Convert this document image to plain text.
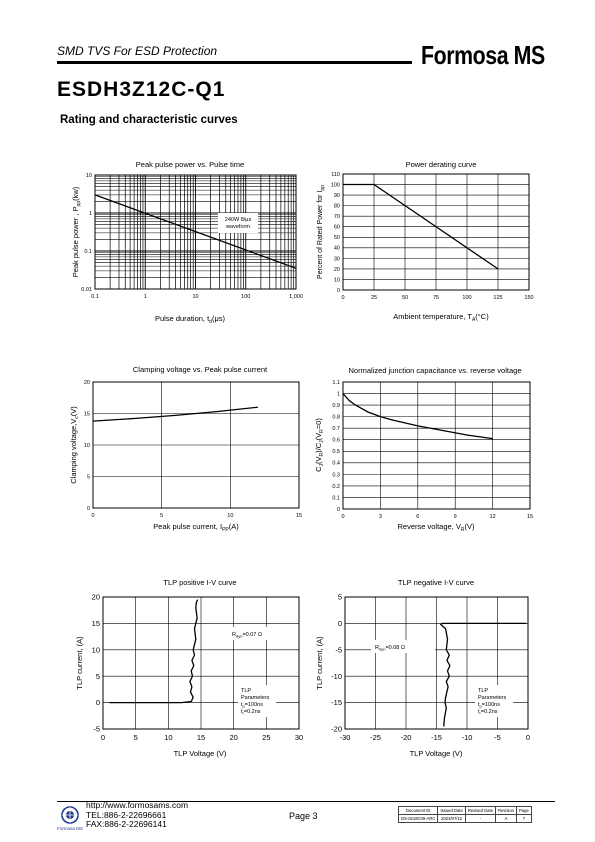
SMD TVS For ESD Protection	Formosa MS
ESDH3Z12C-Q1
Rating and characteristic curves
Peak pulse power vs. Pulse time
0.1	1	10	100	1,000
0.01
0.1
1
10
240W 8/μs
waveform
Peak pulse power , $P_{pp}(kw)$
Pulse duration, $t_d(\mu s)$
Power derating curve
0	25	50	75	100	125	150
0
10
20
30
40
50
60
70
80
90
100
110
Percent of Rated Power for $I_{pp}$
Ambient temperature, $T_A(^\circ C)$
Clamping voltage vs. Peak pulse current
0	5	10	15
0
5
10
15
20
Clamping $voltage,V_c(V)$
Peak pulse current, $I_{PP}(A)$
Normalized junction capacitance vs. reverse voltage
0	3	6	9	12	15
0
0.1
0.2
0.3
0.4
0.5
0.6
0.7
0.8
0.9
1
1.1
$C_J(V_R)/C_J(V_R=0)$
Reverse voltage, $V_R(V)$
TLP positive I-V curve
0	5	10	15	20	25	30
-5
0
5
10
15
20
$R_{dyn}=0.07$ Ω
TLP Parameters $t_p=100ns$ $t_r=0.2ns$
TLP current, (A)
TLP Voltage (V)
TLP negative I-V curve
-30	-25	-20	-15	-10	-5	0
-20
-15
-10
-5
0
5
$R_{dyn}=0.08$ Ω
TLP Parameters $t_p=100ns$ $t_r=0.2ns$
TLP current, (A)
TLP Voltage (V)
Formosa MS
http://www.formosams.com
TEL:886-2-22696661
FAX:886-2-22696141
Page 3
Document ID	Issued Date	Revised Date	Revision	Page
DS-0218C09-ARC	2023/07/12	-	A	7
